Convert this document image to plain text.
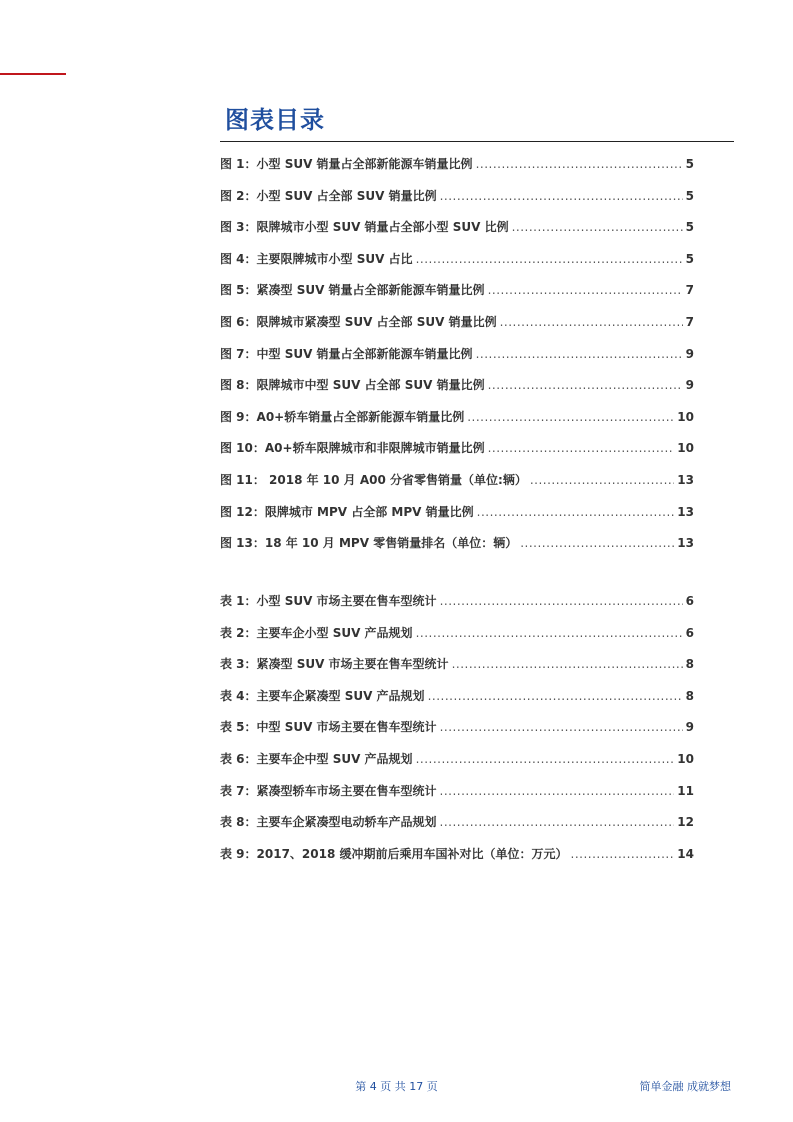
图表目录
图 1：小型 SUV 销量占全部新能源车销量比例 .....	5
图 2：小型 SUV 占全部 SUV 销量比例 .....	5
图 3：限牌城市小型 SUV 销量占全部小型 SUV 比例 .....	5
图 4：主要限牌城市小型 SUV 占比 .....	5
图 5：紧凑型 SUV 销量占全部新能源车销量比例 .....	7
图 6：限牌城市紧凑型 SUV 占全部 SUV 销量比例 .....	7
图 7：中型 SUV 销量占全部新能源车销量比例 .....	9
图 8：限牌城市中型 SUV 占全部 SUV 销量比例 .....	9
图 9：A0+轿车销量占全部新能源车销量比例 .....	10
图 10：A0+轿车限牌城市和非限牌城市销量比例 .....	10
图 11： 2018 年 10 月 A00 分省零售销量（单位:辆） .....	13
图 12：限牌城市 MPV 占全部 MPV 销量比例 .....	13
图 13：18 年 10 月 MPV 零售销量排名（单位：辆） .....	13
表 1：小型 SUV 市场主要在售车型统计 .....	6
表 2：主要车企小型 SUV 产品规划 .....	6
表 3：紧凑型 SUV 市场主要在售车型统计 .....	8
表 4：主要车企紧凑型 SUV 产品规划 .....	8
表 5：中型 SUV 市场主要在售车型统计 .....	9
表 6：主要车企中型 SUV 产品规划 .....	10
表 7：紧凑型轿车市场主要在售车型统计 .....	11
表 8：主要车企紧凑型电动轿车产品规划 .....	12
表 9：2017、2018 缓冲期前后乘用车国补对比（单位：万元） .....	14
第 4 页 共 17 页	简单金融 成就梦想
